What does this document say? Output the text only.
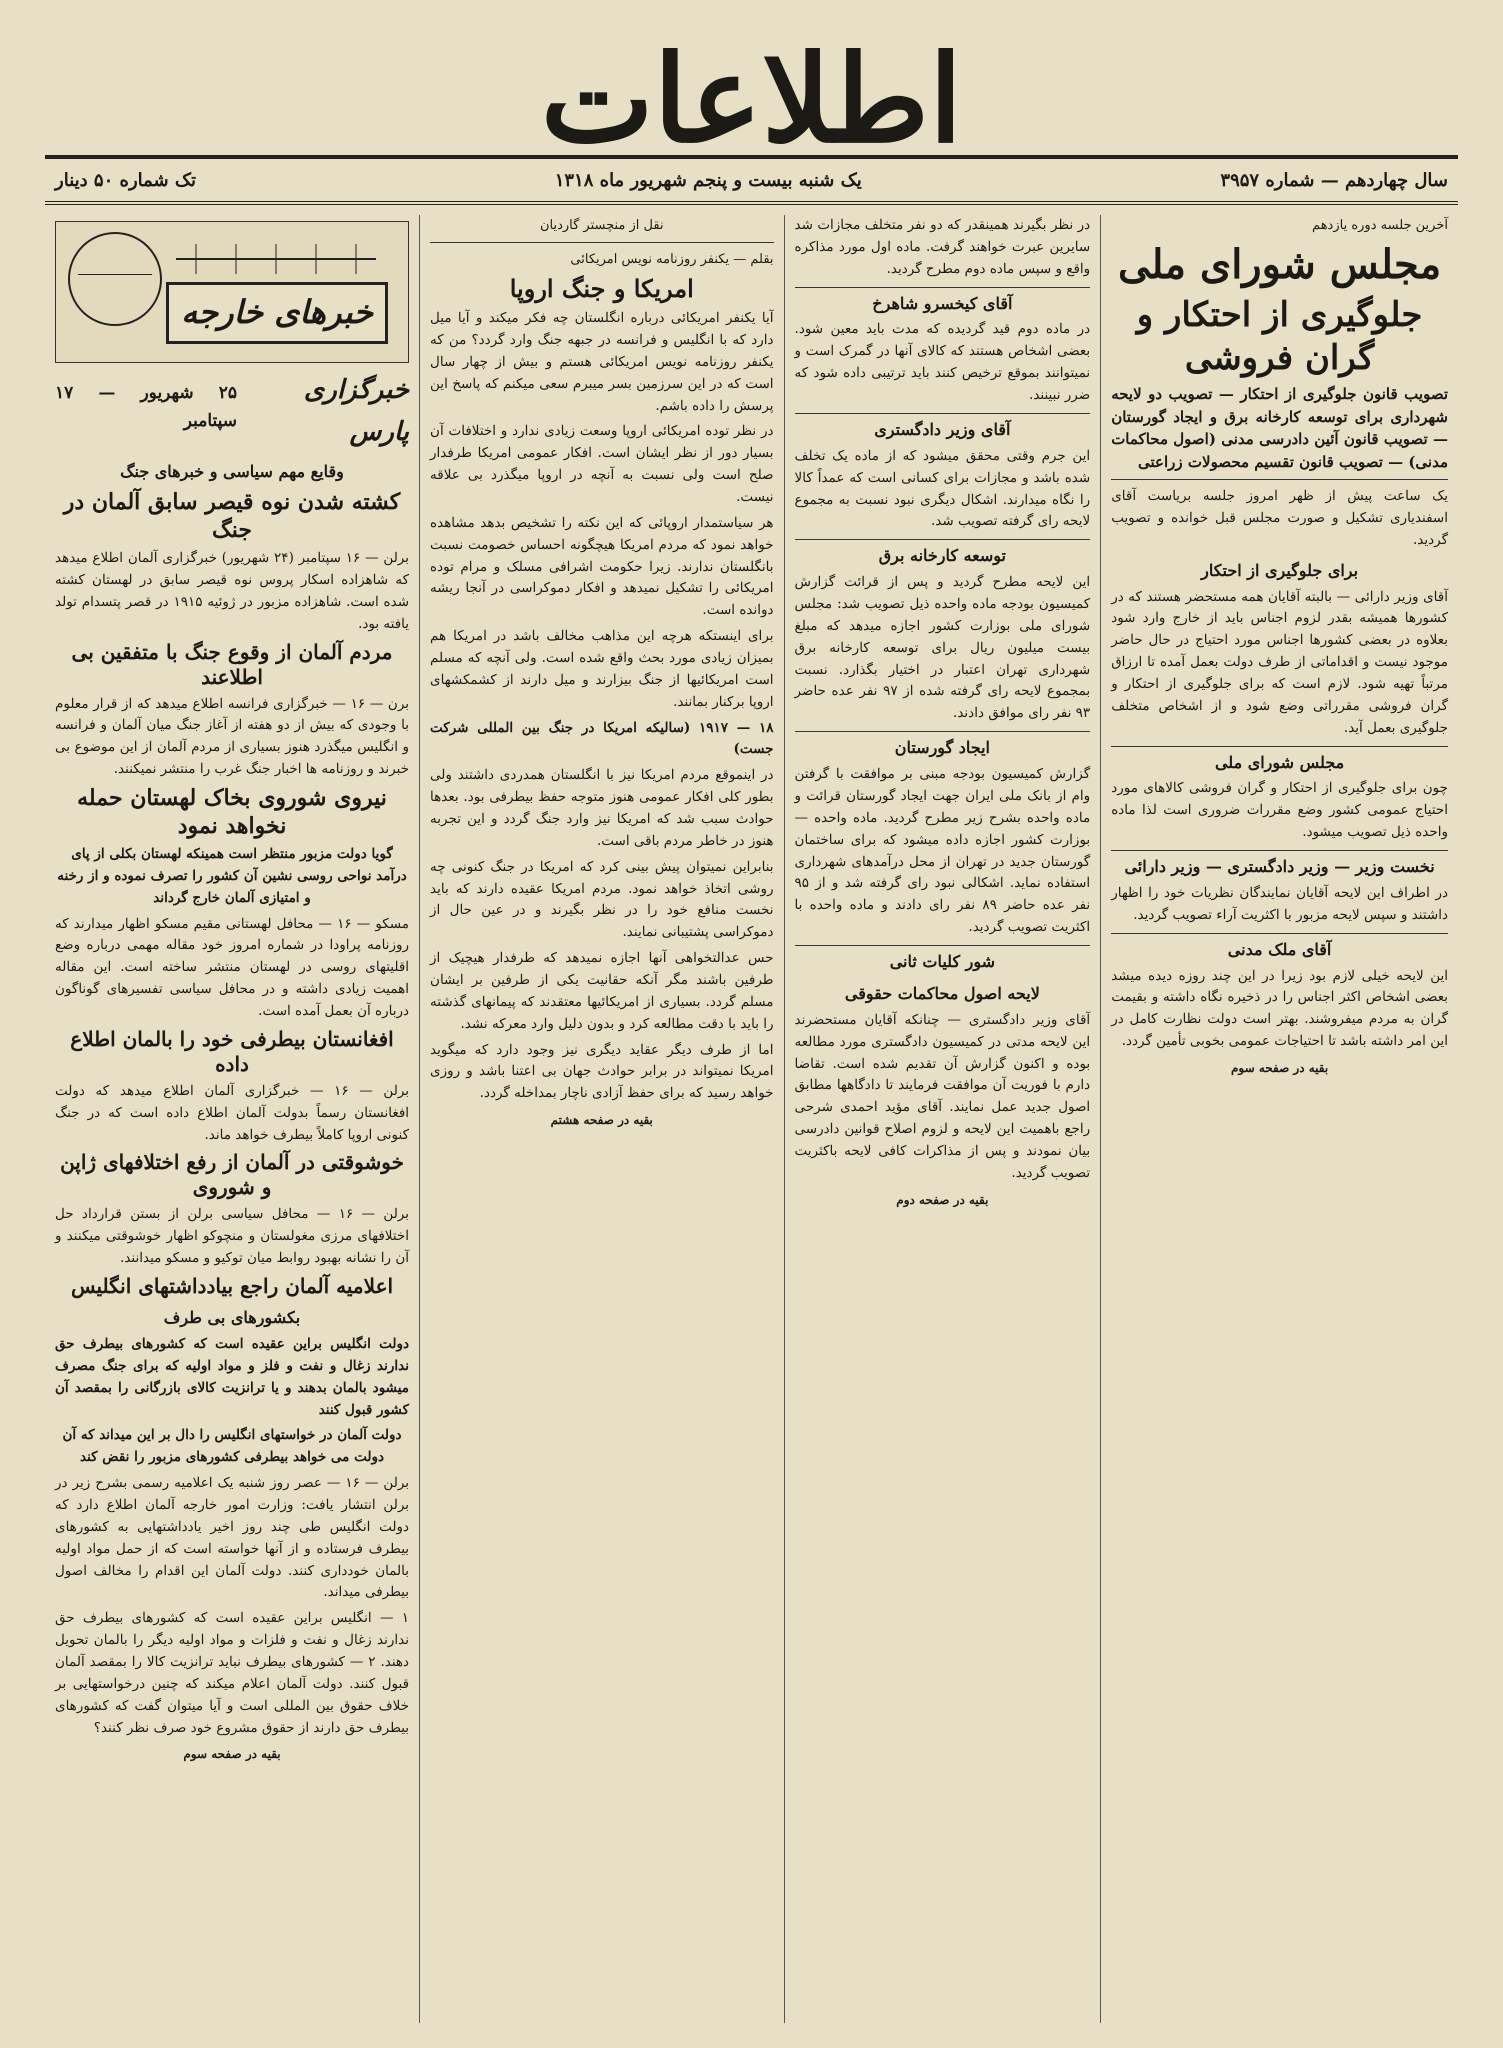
اطلاعات
سال چهاردهم — شماره ۳۹۵۷
یک شنبه بیست و پنجم شهریور ماه ۱۳۱۸
تک شماره ۵۰ دینار
آخرین جلسه دوره یازدهم
مجلس شورای ملی
جلوگیری از احتکار و گران فروشی

تصویب قانون جلوگیری از احتکار — تصویب دو لایحه شهرداری برای توسعه کارخانه برق و ایجاد گورستان — تصویب قانون آئین دادرسی مدنی (اصول محاکمات مدنی) — تصویب قانون تقسیم محصولات زراعتی

یک ساعت پیش از ظهر امروز جلسه بریاست آقای اسفندیاری تشکیل و صورت مجلس قبل خوانده و تصویب گردید.

برای جلوگیری از احتکار

آقای وزیر دارائی — بالبته آقایان همه مستحضر هستند که در کشورها همیشه بقدر لزوم اجناس باید از خارج وارد شود بعلاوه در بعضی کشورها اجناس مورد احتیاج در حال حاضر موجود نیست و اقداماتی از طرف دولت بعمل آمده تا ارزاق مرتباً تهیه شود. لازم است که برای جلوگیری از احتکار و گران فروشی مقرراتی وضع شود و از اشخاص متخلف جلوگیری بعمل آید.

مجلس شورای ملی

چون برای جلوگیری از احتکار و گران فروشی کالاهای مورد احتیاج عمومی کشور وضع مقررات ضروری است لذا ماده واحده ذیل تصویب میشود.

نخست وزیر — وزیر دادگستری — وزیر دارائی

در اطراف این لایحه آقایان نمایندگان نظریات خود را اظهار داشتند و سپس لایحه مزبور با اکثریت آراء تصویب گردید.

آقای ملک مدنی

این لایحه خیلی لازم بود زیرا در این چند روزه دیده میشد بعضی اشخاص اکثر اجناس را در ذخیره نگاه داشته و بقیمت گران به مردم میفروشند. بهتر است دولت نظارت کامل در این امر داشته باشد تا احتیاجات عمومی بخوبی تأمین گردد.

بقیه در صفحه سوم

در نظر بگیرند همینقدر که دو نفر متخلف مجازات شد سایرین عبرت خواهند گرفت. ماده اول مورد مذاکره واقع و سپس ماده دوم مطرح گردید.

آقای کیخسرو شاهرخ

در ماده دوم قید گردیده که مدت باید معین شود. بعضی اشخاص هستند که کالای آنها در گمرک است و نمیتوانند بموقع ترخیص کنند باید ترتیبی داده شود که ضرر نبینند.

آقای وزیر دادگستری

این جرم وقتی محقق میشود که از ماده یک تخلف شده باشد و مجازات برای کسانی است که عمداً کالا را نگاه میدارند. اشکال دیگری نبود نسبت به مجموع لایحه رای گرفته تصویب شد.

توسعه کارخانه برق

این لایحه مطرح گردید و پس از قرائت گزارش کمیسیون بودجه ماده واحده ذیل تصویب شد: مجلس شورای ملی بوزارت کشور اجازه میدهد که مبلغ بیست میلیون ریال برای توسعه کارخانه برق شهرداری تهران اعتبار در اختیار بگذارد. نسبت بمجموع لایحه رای گرفته شده از ۹۷ نفر عده حاضر ۹۳ نفر رای موافق دادند.

ایجاد گورستان

گزارش کمیسیون بودجه مبنی بر موافقت با گرفتن وام از بانک ملی ایران جهت ایجاد گورستان قرائت و ماده واحده بشرح زیر مطرح گردید. ماده واحده — بوزارت کشور اجازه داده میشود که برای ساختمان گورستان جدید در تهران از محل درآمدهای شهرداری استفاده نماید. اشکالی نبود رای گرفته شد و از ۹۵ نفر عده حاضر ۸۹ نفر رای دادند و ماده واحده با اکثریت تصویب گردید.

شور کلیات ثانی
لایحه اصول محاکمات حقوقی

آقای وزیر دادگستری — چنانکه آقایان مستحضرند این لایحه مدتی در کمیسیون دادگستری مورد مطالعه بوده و اکنون گزارش آن تقدیم شده است. تقاضا دارم با فوریت آن موافقت فرمایند تا دادگاهها مطابق اصول جدید عمل نمایند. آقای مؤید احمدی شرحی راجع باهمیت این لایحه و لزوم اصلاح قوانین دادرسی بیان نمودند و پس از مذاکرات کافی لایحه باکثریت تصویب گردید.

بقیه در صفحه دوم
نقل از منچستر گاردیان
بقلم — یکنفر روزنامه نویس امریکائی
امریکا و جنگ اروپا

آیا یکنفر امریکائی درباره انگلستان چه فکر میکند و آیا میل دارد که با انگلیس و فرانسه در جبهه جنگ وارد گردد؟ من که یکنفر روزنامه نویس امریکائی هستم و بیش از چهار سال است که در این سرزمین بسر میبرم سعی میکنم که پاسخ این پرسش را داده باشم.

در نظر توده امریکائی اروپا وسعت زیادی ندارد و اختلافات آن بسیار دور از نظر ایشان است. افکار عمومی امریکا طرفدار صلح است ولی نسبت به آنچه در اروپا میگذرد بی علاقه نیست.

هر سیاستمدار اروپائی که این نکته را تشخیص بدهد مشاهده خواهد نمود که مردم امریکا هیچگونه احساس خصومت نسبت بانگلستان ندارند. زیرا حکومت اشرافی مسلک و مرام توده امریکائی را تشکیل نمیدهد و افکار دموکراسی در آنجا ریشه دوانده است.

برای اینستکه هرچه این مذاهب مخالف باشد در امریکا هم بمیزان زیادی مورد بحث واقع شده است. ولی آنچه که مسلم است امریکائیها از جنگ بیزارند و میل دارند از کشمکشهای اروپا برکنار بمانند.

۱۸ — ۱۹۱۷ (سالیکه امریکا در جنگ بین المللی شرکت جست)

در اینموقع مردم امریکا نیز با انگلستان همدردی داشتند ولی بطور کلی افکار عمومی هنوز متوجه حفظ بیطرفی بود. بعدها حوادث سبب شد که امریکا نیز وارد جنگ گردد و این تجربه هنوز در خاطر مردم باقی است.

بنابراین نمیتوان پیش بینی کرد که امریکا در جنگ کنونی چه روشی اتخاذ خواهد نمود. مردم امریکا عقیده دارند که باید نخست منافع خود را در نظر بگیرند و در عین حال از دموکراسی پشتیبانی نمایند.

حس عدالتخواهی آنها اجازه نمیدهد که طرفدار هیچیک از طرفین باشند مگر آنکه حقانیت یکی از طرفین بر ایشان مسلم گردد. بسیاری از امریکائیها معتقدند که پیمانهای گذشته را باید با دقت مطالعه کرد و بدون دلیل وارد معرکه نشد.

اما از طرف دیگر عقاید دیگری نیز وجود دارد که میگوید امریکا نمیتواند در برابر حوادث جهان بی اعتنا باشد و روزی خواهد رسید که برای حفظ آزادی ناچار بمداخله گردد.

بقیه در صفحه هشتم
خبرهای خارجه
خبرگزاری پارس
۲۵ شهریور — ۱۷ سپتامبر
وقایع مهم سیاسی و خبرهای جنگ
کشته شدن نوه قیصر سابق آلمان در جنگ

برلن — ۱۶ سپتامبر (۲۴ شهریور) خبرگزاری آلمان اطلاع میدهد که شاهزاده اسکار پروس نوه قیصر سابق در لهستان کشته شده است. شاهزاده مزبور در ژوئیه ۱۹۱۵ در قصر پتسدام تولد یافته بود.

مردم آلمان از وقوع جنگ با متفقین بی اطلاعند

برن — ۱۶ — خبرگزاری فرانسه اطلاع میدهد که از قرار معلوم با وجودی که بیش از دو هفته از آغاز جنگ میان آلمان و فرانسه و انگلیس میگذرد هنوز بسیاری از مردم آلمان از این موضوع بی خبرند و روزنامه ها اخبار جنگ غرب را منتشر نمیکنند.

نیروی شوروی بخاک لهستان حمله نخواهد نمود

گویا دولت مزبور منتظر است همینکه لهستان بکلی از پای درآمد نواحی روسی نشین آن کشور را تصرف نموده و از رخنه و امتیازی آلمان خارج گرداند

مسکو — ۱۶ — محافل لهستانی مقیم مسکو اظهار میدارند که روزنامه پراودا در شماره امروز خود مقاله مهمی درباره وضع اقلیتهای روسی در لهستان منتشر ساخته است. این مقاله اهمیت زیادی داشته و در محافل سیاسی تفسیرهای گوناگون درباره آن بعمل آمده است.

افغانستان بیطرفی خود را بالمان اطلاع داده

برلن — ۱۶ — خبرگزاری آلمان اطلاع میدهد که دولت افغانستان رسماً بدولت آلمان اطلاع داده است که در جنگ کنونی اروپا کاملاً بیطرف خواهد ماند.

خوشوقتی در آلمان از رفع اختلافهای ژاپن و شوروی

برلن — ۱۶ — محافل سیاسی برلن از بستن قرارداد حل اختلافهای مرزی مغولستان و منچوکو اظهار خوشوقتی میکنند و آن را نشانه بهبود روابط میان توکیو و مسکو میدانند.

اعلامیه آلمان راجع بیادداشتهای انگلیس
بکشورهای بی طرف

دولت انگلیس براین عقیده است که کشورهای بیطرف حق ندارند زغال و نفت و فلز و مواد اولیه که برای جنگ مصرف میشود بالمان بدهند و یا ترانزیت کالای بازرگانی را بمقصد آن کشور قبول کنند

دولت آلمان در خواستهای انگلیس را دال بر این میداند که آن دولت می خواهد بیطرفی کشورهای مزبور را نقض کند

برلن — ۱۶ — عصر روز شنبه یک اعلامیه رسمی بشرح زیر در برلن انتشار یافت: وزارت امور خارجه آلمان اطلاع دارد که دولت انگلیس طی چند روز اخیر یادداشتهایی به کشورهای بیطرف فرستاده و از آنها خواسته است که از حمل مواد اولیه بالمان خودداری کنند. دولت آلمان این اقدام را مخالف اصول بیطرفی میداند.

۱ — انگلیس براین عقیده است که کشورهای بیطرف حق ندارند زغال و نفت و فلزات و مواد اولیه دیگر را بالمان تحویل دهند. ۲ — کشورهای بیطرف نباید ترانزیت کالا را بمقصد آلمان قبول کنند. دولت آلمان اعلام میکند که چنین درخواستهایی بر خلاف حقوق بین المللی است و آیا میتوان گفت که کشورهای بیطرف حق دارند از حقوق مشروع خود صرف نظر کنند؟

بقیه در صفحه سوم
